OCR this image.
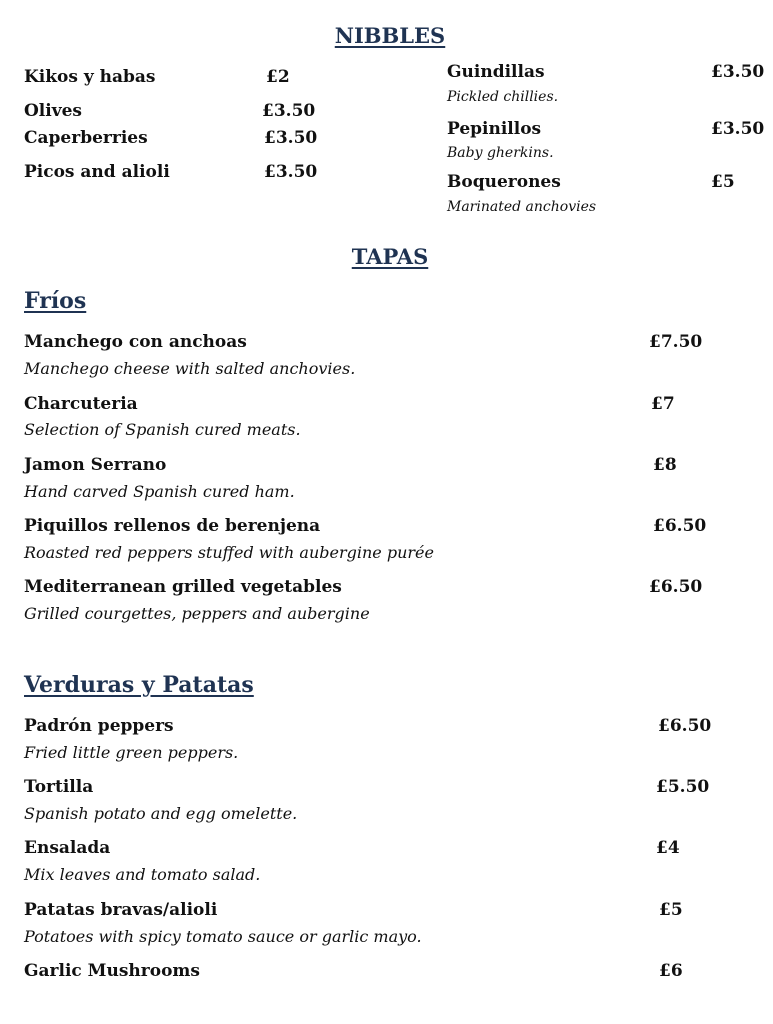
NIBBLES
Kikos y habas	£2
Olives	£3.50
Caperberries	£3.50
Picos and alioli	£3.50
Guindillas	£3.50
Pickled chillies.
Pepinillos	£3.50
Baby gherkins.
Boquerones	£5
Marinated anchovies
TAPAS
Fríos
Manchego con anchoas	£7.50
Manchego cheese with salted anchovies.
Charcuteria	£7
Selection of Spanish cured meats.
Jamon Serrano	£8
Hand carved Spanish cured ham.
Piquillos rellenos de berenjena	£6.50
Roasted red peppers stuffed with aubergine purée
Mediterranean grilled vegetables	£6.50
Grilled courgettes, peppers and aubergine
Verduras y Patatas
Padrón peppers	£6.50
Fried little green peppers.
Tortilla	£5.50
Spanish potato and egg omelette.
Ensalada	£4
Mix leaves and tomato salad.
Patatas bravas/alioli	£5
Potatoes with spicy tomato sauce or garlic mayo.
Garlic Mushrooms	£6
